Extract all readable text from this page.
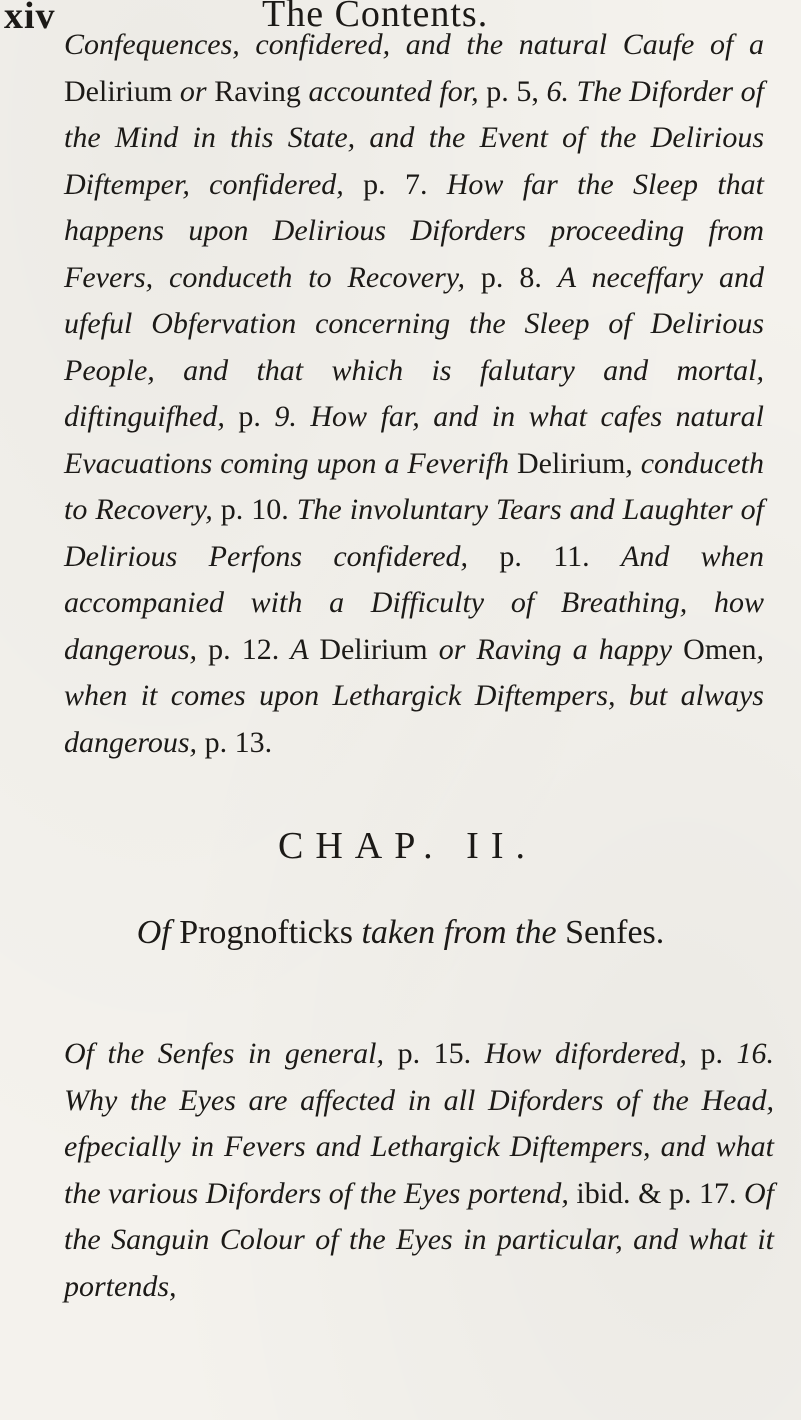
xiv	The Contents.
Confequences, confidered, and the natural Caufe of a Delirium or Raving accounted for, p. 5, 6. The Diforder of the Mind in this State, and the Event of the Delirious Diftemper, confidered, p. 7. How far the Sleep that happens upon Delirious Diforders proceeding from Fevers, conduceth to Recovery, p. 8. A neceffary and ufeful Obfervation concerning the Sleep of Delirious People, and that which is falutary and mortal, diftinguifhed, p. 9. How far, and in what cafes natural Evacuations coming upon a Feverifh Delirium, conduceth to Recovery, p. 10. The involuntary Tears and Laughter of Delirious Perfons confidered, p. 11. And when accompanied with a Difficulty of Breathing, how dangerous, p. 12. A Delirium or Raving a happy Omen, when it comes upon Lethargick Diftempers, but always dangerous, p. 13.
CHAP. II.
Of Prognofticks taken from the Senfes.
Of the Senfes in general, p. 15. How difordered, p. 16. Why the Eyes are affected in all Diforders of the Head, efpecially in Fevers and Lethargick Diftempers, and what the various Diforders of the Eyes portend, ibid. & p. 17. Of the Sanguin Colour of the Eyes in particular, and what it portends,
